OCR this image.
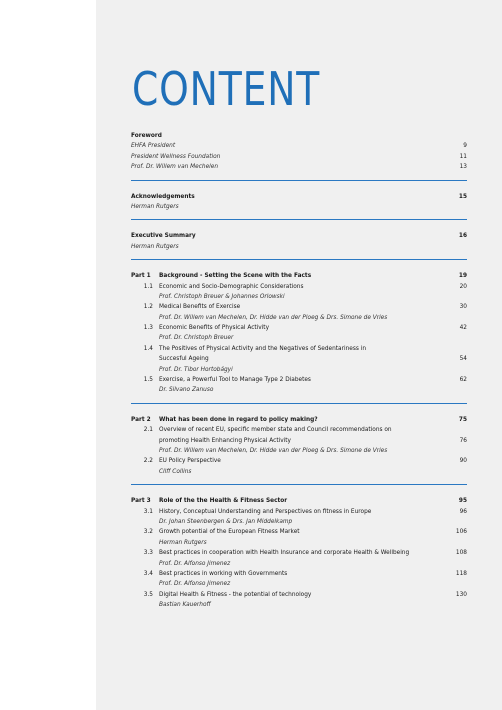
CONTENT
Foreword
EHFA President	9
President Wellness Foundation	11
Prof. Dr. Willem van Mechelen	13
Acknowledgements	15
Herman Rutgers
Executive Summary	16
Herman Rutgers
Part 1 Background - Setting the Scene with the Facts	19
1.1 Economic and Socio-Demographic Considerations	20
Prof. Christoph Breuer & Johannes Orlowski
1.2 Medical Benefits of Exercise	30
Prof. Dr. Willem van Mechelen, Dr. Hidde van der Ploeg & Drs. Simone de Vries
1.3 Economic Benefits of Physical Activity	42
Prof. Dr. Christoph Breuer
1.4 The Positives of Physical Activity and the Negatives of Sedentariness in
Succesful Ageing	54
Prof. Dr. Tibor Hortobágyi
1.5 Exercise, a Powerful Tool to Manage Type 2 Diabetes	62
Dr. Silvano Zanuso
Part 2 What has been done in regard to policy making?	75
2.1 Overview of recent EU, specific member state and Council recommendations on
promoting Health Enhancing Physical Activity	76
Prof. Dr. Willem van Mechelen, Dr. Hidde van der Ploeg & Drs. Simone de Vries
2.2 EU Policy Perspective	90
Cliff Collins
Part 3 Role of the the Health & Fitness Sector	95
3.1 History, Conceptual Understanding and Perspectives on fitness in Europe	96
Dr. Johan Steenbergen & Drs. Jan Middelkamp
3.2 Growth potential of the European Fitness Market	106
Herman Rutgers
3.3 Best practices in cooperation with Health Insurance and corporate Health & Wellbeing	108
Prof. Dr. Alfonso Jimenez
3.4 Best practices in working with Governments	118
Prof. Dr. Alfonso Jimenez
3.5 Digital Health & Fitness - the potential of technology	130
Bastian Kauerhoff
